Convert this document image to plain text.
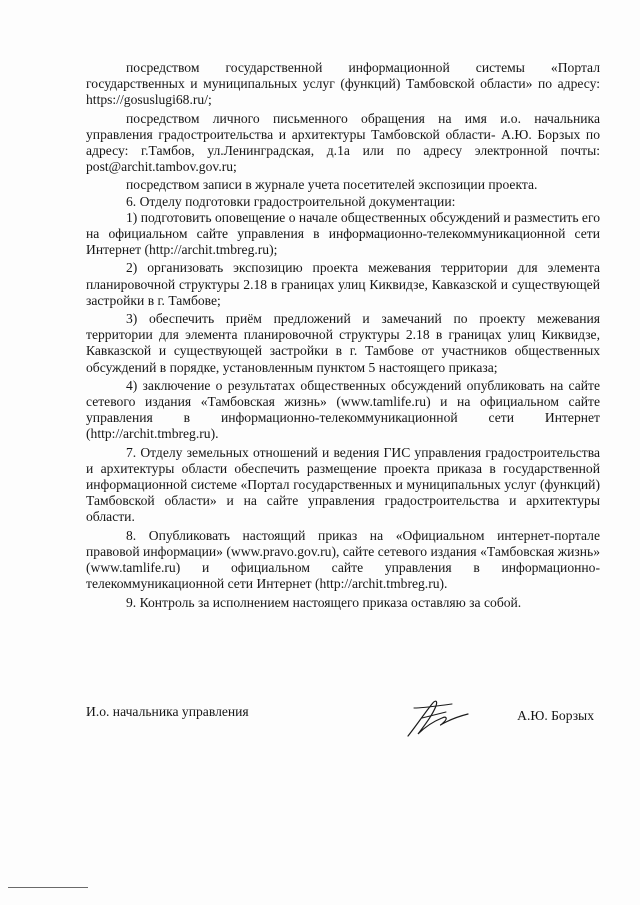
посредством государственной информационной системы «Портал государственных и муниципальных услуг (функций) Тамбовской области» по адресу: https://gosuslugi68.ru/;

посредством личного письменного обращения на имя и.о. начальника управления градостроительства и архитектуры Тамбовской области- А.Ю. Борзых по адресу: г.Тамбов, ул.Ленинградская, д.1а или по адресу электронной почты: post@archit.tambov.gov.ru;

посредством записи в журнале учета посетителей экспозиции проекта.

6. Отделу подготовки градостроительной документации:

1) подготовить оповещение о начале общественных обсуждений и разместить его на официальном сайте управления в информационно-телекоммуникационной сети Интернет (http://archit.tmbreg.ru);

2) организовать экспозицию проекта межевания территории для элемента планировочной структуры 2.18 в границах улиц Киквидзе, Кавказской и существующей застройки в г. Тамбове;

3) обеспечить приём предложений и замечаний по проекту межевания территории для элемента планировочной структуры 2.18 в границах улиц Киквидзе, Кавказской и существующей застройки в г. Тамбове от участников общественных обсуждений в порядке, установленным пунктом 5 настоящего приказа;

4) заключение о результатах общественных обсуждений опубликовать на сайте сетевого издания «Тамбовская жизнь» (www.tamlife.ru) и на официальном сайте управления в информационно-телекоммуникационной сети Интернет (http://archit.tmbreg.ru).

7. Отделу земельных отношений и ведения ГИС управления градостроительства и архитектуры области обеспечить размещение проекта приказа в государственной информационной системе «Портал государственных и муниципальных услуг (функций) Тамбовской области» и на сайте управления градостроительства и архитектуры области.

8. Опубликовать настоящий приказ на «Официальном интернет-портале правовой информации» (www.pravo.gov.ru), сайте сетевого издания «Тамбовская жизнь» (www.tamlife.ru) и официальном сайте управления в информационно-телекоммуникационной сети Интернет (http://archit.tmbreg.ru).

9. Контроль за исполнением настоящего приказа оставляю за собой.

И.о. начальника управления	А.Ю. Борзых
